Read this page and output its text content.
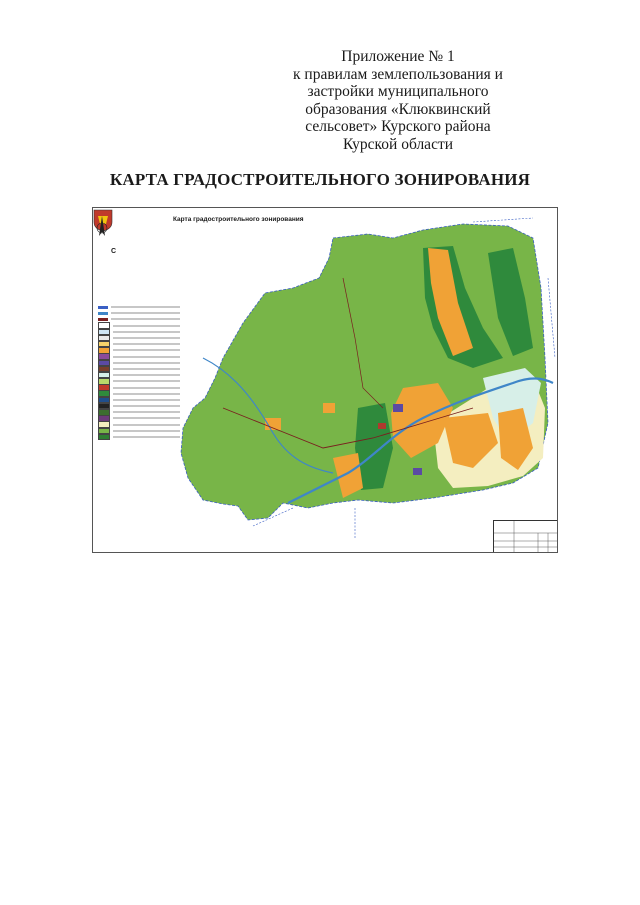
Приложение № 1
к правилам землепользования и
застройки муниципального
образования «Клюквинский
сельсовет» Курского района
Курской области
КАРТА ГРАДОСТРОИТЕЛЬНОГО ЗОНИРОВАНИЯ
Карта градостроительного зонирования
С
